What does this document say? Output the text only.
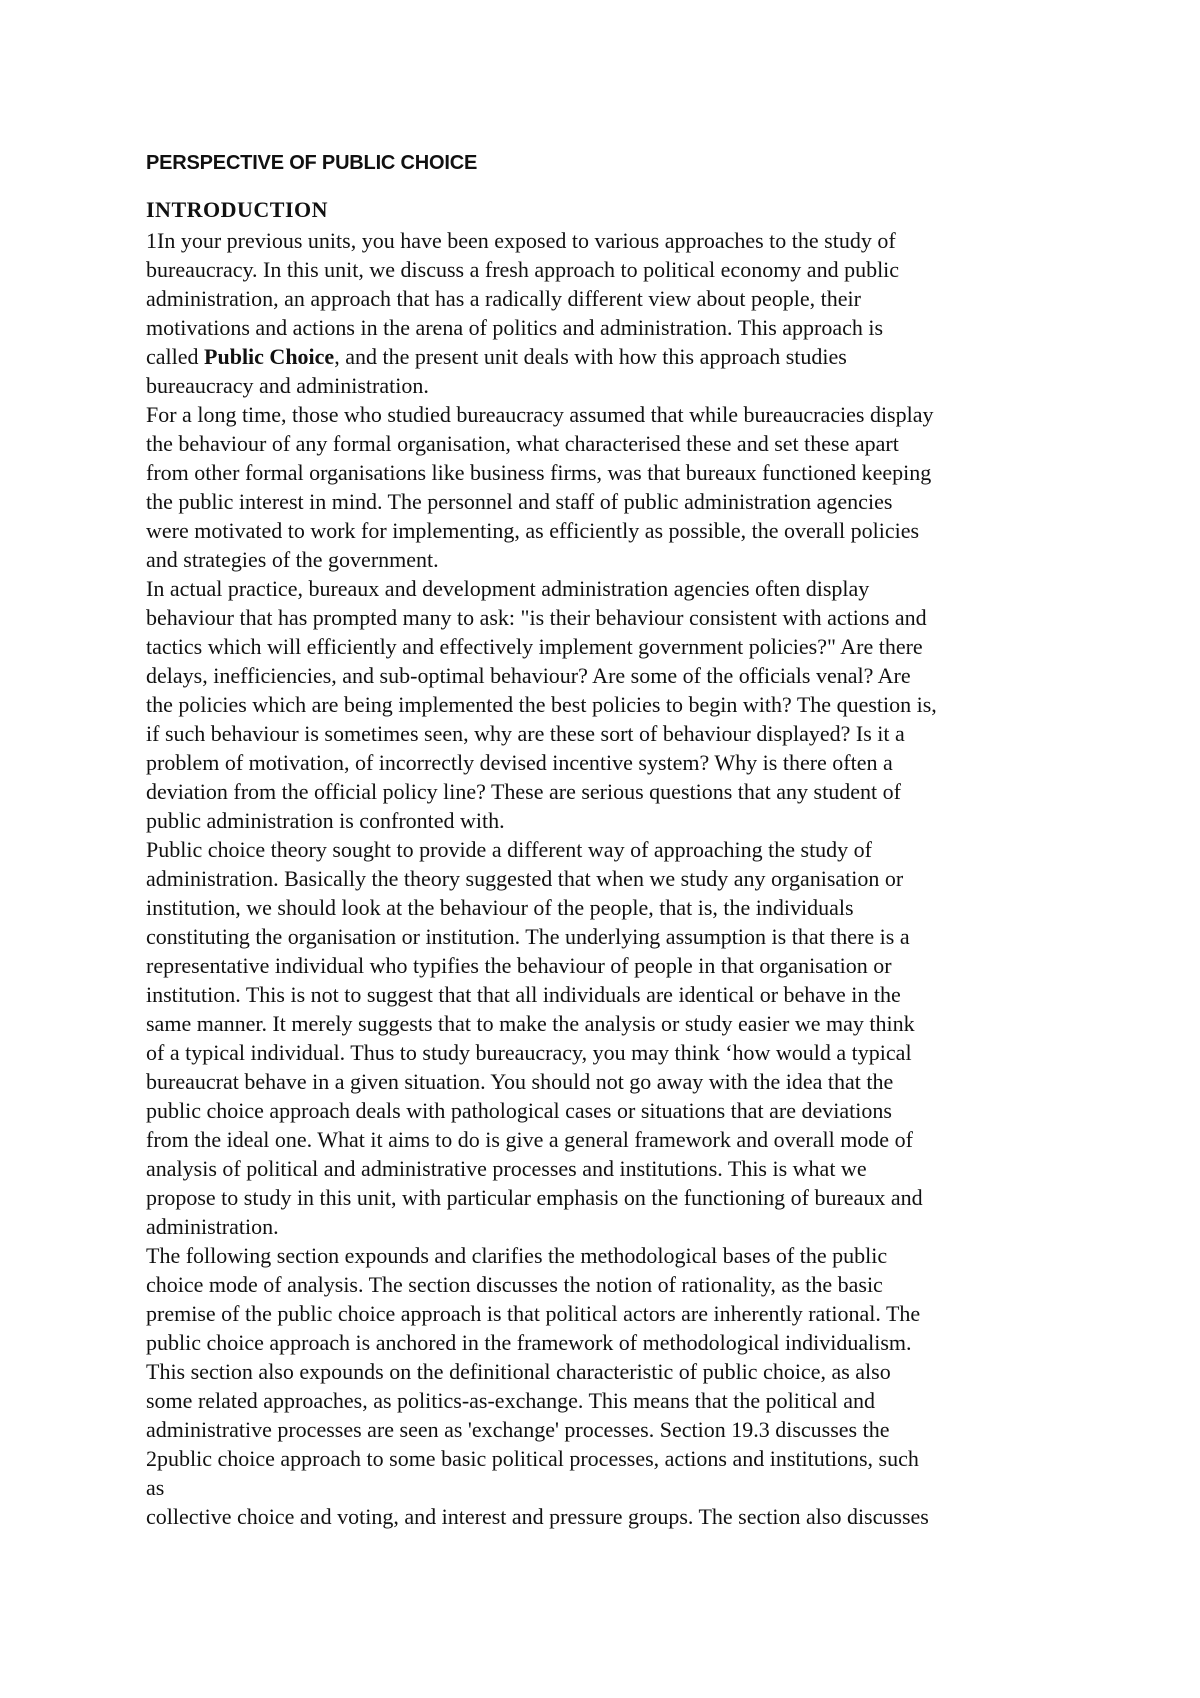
PERSPECTIVE OF PUBLIC CHOICE
INTRODUCTION
1In your previous units, you have been exposed to various approaches to the study of
bureaucracy. In this unit, we discuss a fresh approach to political economy and public
administration, an approach that has a radically different view about people, their
motivations and actions in the arena of politics and administration. This approach is
called Public Choice, and the present unit deals with how this approach studies
bureaucracy and administration.
For a long time, those who studied bureaucracy assumed that while bureaucracies display
the behaviour of any formal organisation, what characterised these and set these apart
from other formal organisations like business firms, was that bureaux functioned keeping
the public interest in mind. The personnel and staff of public administration agencies
were motivated to work for implementing, as efficiently as possible, the overall policies
and strategies of the government.
In actual practice, bureaux and development administration agencies often display
behaviour that has prompted many to ask: "is their behaviour consistent with actions and
tactics which will efficiently and effectively implement government policies?" Are there
delays, inefficiencies, and sub-optimal behaviour? Are some of the officials venal? Are
the policies which are being implemented the best policies to begin with? The question is,
if such behaviour is sometimes seen, why are these sort of behaviour displayed? Is it a
problem of motivation, of incorrectly devised incentive system? Why is there often a
deviation from the official policy line? These are serious questions that any student of
public administration is confronted with.
Public choice theory sought to provide a different way of approaching the study of
administration. Basically the theory suggested that when we study any organisation or
institution, we should look at the behaviour of the people, that is, the individuals
constituting the organisation or institution. The underlying assumption is that there is a
representative individual who typifies the behaviour of people in that organisation or
institution. This is not to suggest that that all individuals are identical or behave in the
same manner. It merely suggests that to make the analysis or study easier we may think
of a typical individual. Thus to study bureaucracy, you may think ‘how would a typical
bureaucrat behave in a given situation. You should not go away with the idea that the
public choice approach deals with pathological cases or situations that are deviations
from the ideal one. What it aims to do is give a general framework and overall mode of
analysis of political and administrative processes and institutions. This is what we
propose to study in this unit, with particular emphasis on the functioning of bureaux and
administration.
The following section expounds and clarifies the methodological bases of the public
choice mode of analysis. The section discusses the notion of rationality, as the basic
premise of the public choice approach is that political actors are inherently rational. The
public choice approach is anchored in the framework of methodological individualism.
This section also expounds on the definitional characteristic of public choice, as also
some related approaches, as politics-as-exchange. This means that the political and
administrative processes are seen as 'exchange' processes. Section 19.3 discusses the
2public choice approach to some basic political processes, actions and institutions, such
as
collective choice and voting, and interest and pressure groups. The section also discusses
